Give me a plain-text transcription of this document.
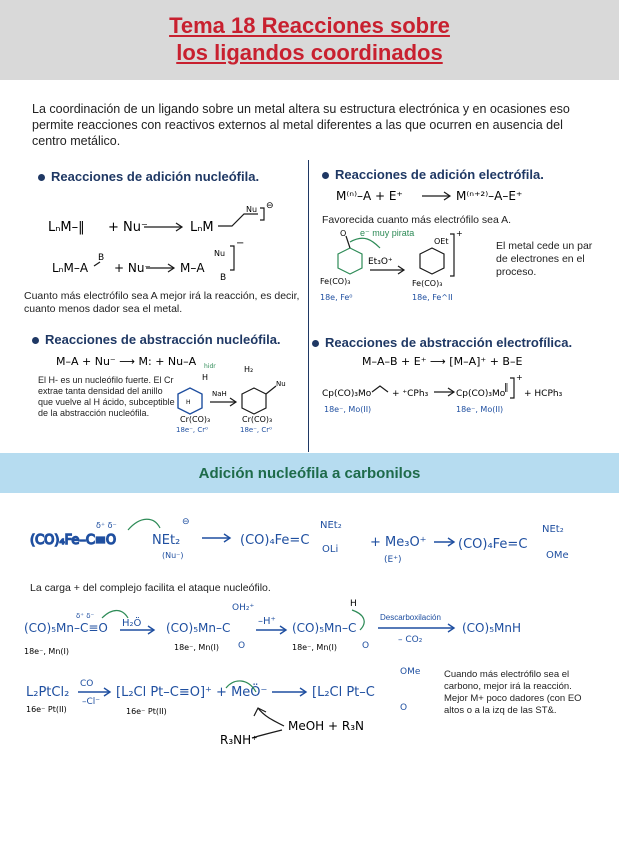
Tema 18 Reacciones sobre
los ligandos coordinados
La coordinación de un ligando sobre un metal altera su estructura electrónica y en ocasiones eso permite reacciones con reactivos externos al metal diferentes a las que ocurren en ausencia del centro metálico.
Reacciones de adición nucleófila.
LₙM–‖ + Nu⁻	LₙM
Nu ⊖
LₙM–A
B
+ Nu⁻ M–A
Nu
B
−
Cuanto más electrófilo sea A mejor irá la reacción, es decir, cuanto menos dador sea el metal.
Reacciones de adición electrófila.
M⁽ⁿ⁾–A + E⁺	M⁽ⁿ⁺²⁾–A–E⁺
Favorecida cuanto más electrófilo sea A.
O e⁻ muy pirata
Fe(CO)₃
18e, Fe⁰
Et₃O⁺
OEt
+
Fe(CO)₃
18e, Fe^II
El metal cede un par de electrones en el proceso.
Reacciones de abstracción nucleófila.
M–A + Nu⁻ ⟶ M: + Nu–A
El H- es un nucleófilo fuerte. El Cr extrae tanta densidad del anillo que vuelve al H ácido, subceptible de la abstracción nucleófila.
hidr
H
H
Cr(CO)₃
18e⁻, Cr⁰
NaH
H₂
Nu
Cr(CO)₃
18e⁻, Cr⁰
Reacciones de abstracción electrofílica.
M–A–B + E⁺ ⟶ [M–A]⁺ + B–E
Cp(CO)₃Mo + ⁺CPh₃	Cp(CO)₃Mo
‖
+
+ HCPh₃
18e⁻, Mo(II)	18e⁻, Mo(II)
Adición nucleófila a carbonilos
(CO)₄Fe–C≡O
δ⁺ δ⁻
NEt₂
(Nu⁻)
⊖
(CO)₄Fe=C
NEt₂
OLi + Me₃O⁺
(E⁺)
(CO)₄Fe=C
NEt₂
OMe
La carga + del complejo facilita el ataque nucleófilo.
(CO)₅Mn–C≡O
δ⁺ δ⁻
18e⁻, Mn(I)
H₂Ö (CO)₅Mn–C
OH₂⁺
O
18e⁻, Mn(I)
–H⁺ (CO)₅Mn–C
H
O
18e⁻, Mn(I)
Descarboxilación
– CO₂
(CO)₅MnH
L₂PtCl₂
CO
–Cl⁻
16e⁻ Pt(II)
[L₂Cl Pt–C≡O]⁺ + MeÖ⁻
16e⁻ Pt(II)
[L₂Cl Pt–C
OMe
O
MeOH + R₃N
R₃NH⁺
Cuando más electrófilo sea el carbono, mejor irá la reacción. Mejor M+ poco dadores (con EO altos o a la izq de las ST&.
